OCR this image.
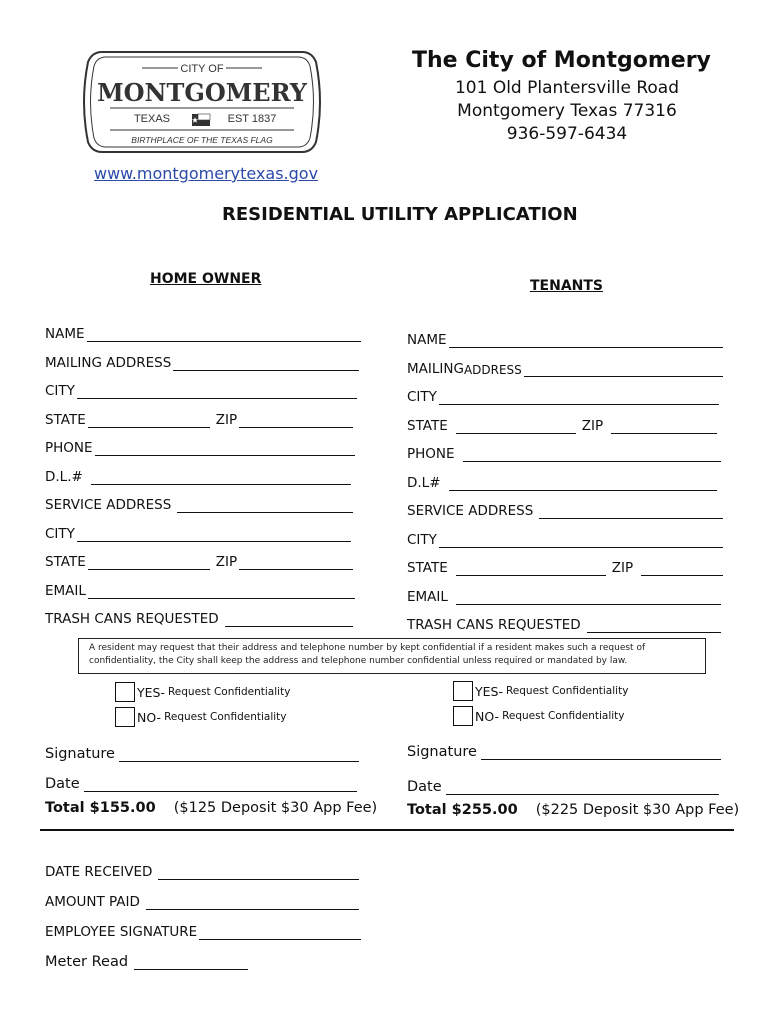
CITY OF
MONTGOMERY
TEXAS	EST 1837
BIRTHPLACE OF THE TEXAS FLAG
The City of Montgomery
101 Old Plantersville Road
Montgomery Texas 77316
936-597-6434
www.montgomerytexas.gov
RESIDENTIAL UTILITY APPLICATION
HOME OWNER	TENANTS
NAME
MAILING ADDRESS
CITY
STATE	ZIP
PHONE
D.L.#
SERVICE ADDRESS
CITY
STATE	ZIP
EMAIL
TRASH CANS REQUESTED
NAME
MAILING ADDRESS
CITY
STATE	ZIP
PHONE
D.L#
SERVICE ADDRESS
CITY
STATE	ZIP
EMAIL
TRASH CANS REQUESTED
A resident may request that their address and telephone number by kept confidential if a resident makes such a request of
confidentiality, the City shall keep the address and telephone number confidential unless required or mandated by law.
YES- Request Confidentiality
NO- Request Confidentiality
YES- Request Confidentiality
NO- Request Confidentiality
Signature
Date
Signature
Date
Total $155.00 ($125 Deposit $30 App Fee) Total $255.00 ($225 Deposit $30 App Fee)
DATE RECEIVED
AMOUNT PAID
EMPLOYEE SIGNATURE
Meter Read
